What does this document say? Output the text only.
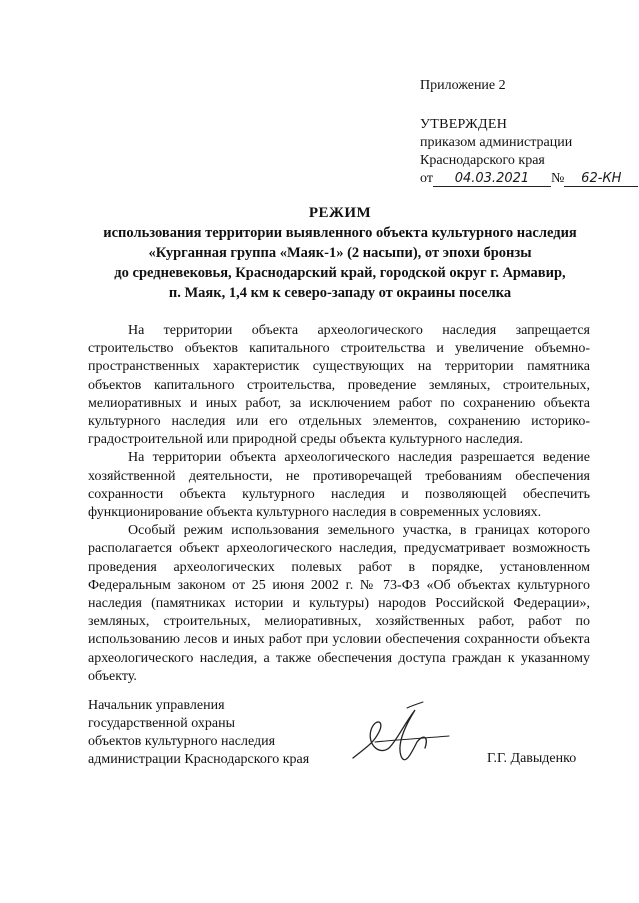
Приложение 2
УТВЕРЖДЕН
приказом администрации
Краснодарского края
от 04.03.2021 № 62-КН
РЕЖИМ
использования территории выявленного объекта культурного наследия
«Курганная группа «Маяк-1» (2 насыпи), от эпохи бронзы
до средневековья, Краснодарский край, городской округ г. Армавир,
п. Маяк, 1,4 км к северо-западу от окраины поселка

На территории объекта археологического наследия запрещается строительство объектов капитального строительства и увеличение объемно-пространственных характеристик существующих на территории памятника объектов капитального строительства, проведение земляных, строительных, мелиоративных и иных работ, за исключением работ по сохранению объекта культурного наследия или его отдельных элементов, сохранению историко-градостроительной или природной среды объекта культурного наследия.

На территории объекта археологического наследия разрешается ведение хозяйственной деятельности, не противоречащей требованиям обеспечения сохранности объекта культурного наследия и позволяющей обеспечить функционирование объекта культурного наследия в современных условиях.

Особый режим использования земельного участка, в границах которого располагается объект археологического наследия, предусматривает возможность проведения археологических полевых работ в порядке, установленном Федеральным законом от 25 июня 2002 г. № 73-ФЗ «Об объектах культурного наследия (памятниках истории и культуры) народов Российской Федерации», земляных, строительных, мелиоративных, хозяйственных работ, работ по использованию лесов и иных работ при условии обеспечения сохранности объекта археологического наследия, а также обеспечения доступа граждан к указанному объекту.

Начальник управления
государственной охраны
объектов культурного наследия
администрации Краснодарского края	Г.Г. Давыденко
